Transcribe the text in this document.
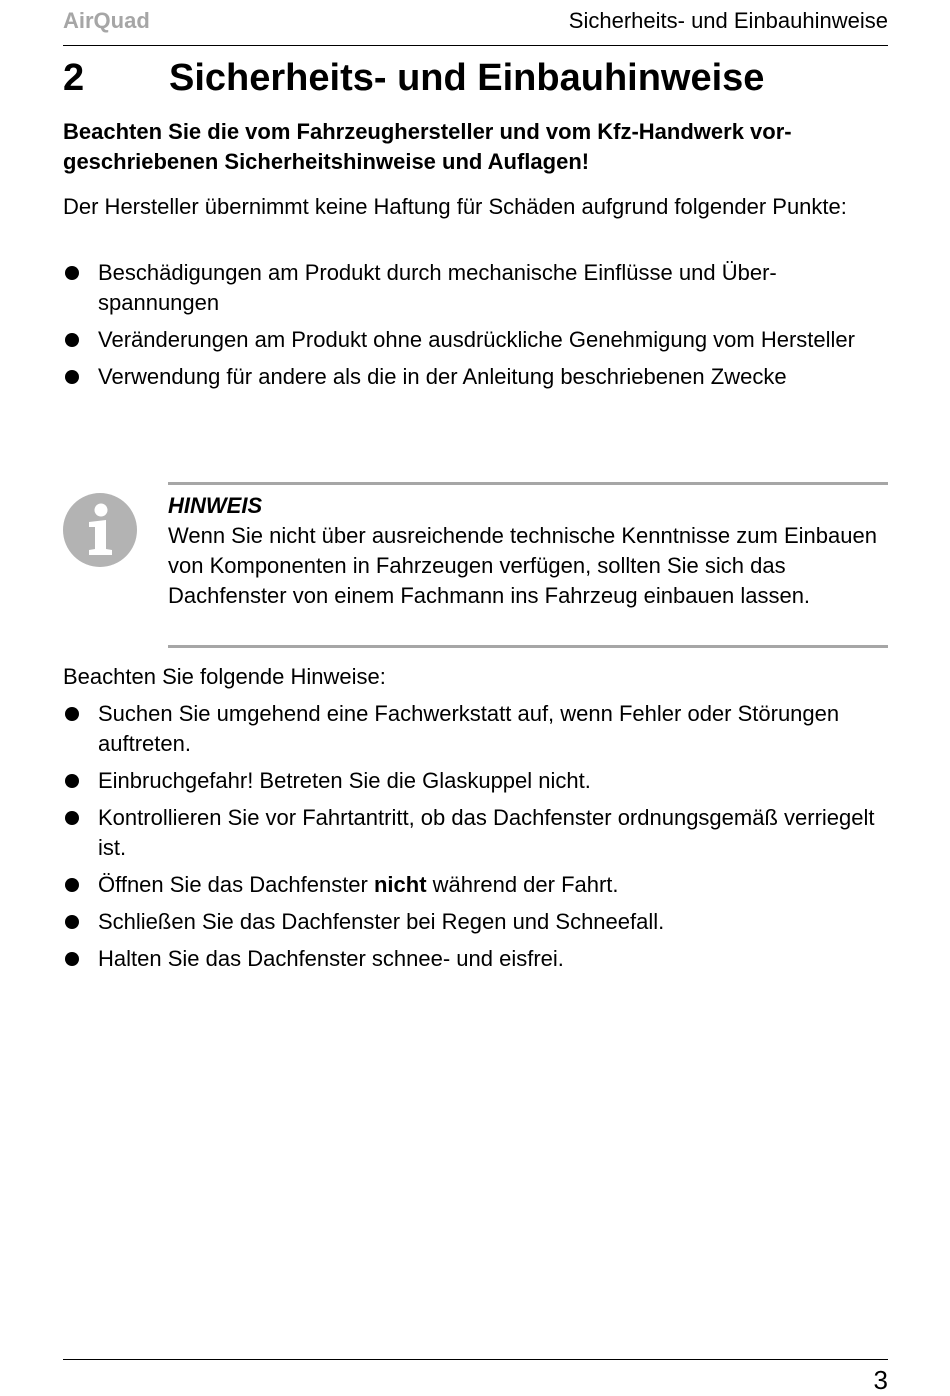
AirQuad	Sicherheits- und Einbauhinweise
2	Sicherheits- und Einbauhinweise
Beachten Sie die vom Fahrzeughersteller und vom Kfz-Handwerk vor-
geschriebenen Sicherheitshinweise und Auflagen!
Der Hersteller übernimmt keine Haftung für Schäden aufgrund folgender Punkte:
Beschädigungen am Produkt durch mechanische Einflüsse und Über- spannungen
Veränderungen am Produkt ohne ausdrückliche Genehmigung vom Hersteller
Verwendung für andere als die in der Anleitung beschriebenen Zwecke
HINWEIS
Wenn Sie nicht über ausreichende technische Kenntnisse zum Einbauen von Komponenten in Fahrzeugen verfügen, sollten Sie sich das Dachfenster von einem Fachmann ins Fahrzeug einbauen lassen.
Beachten Sie folgende Hinweise:
Suchen Sie umgehend eine Fachwerkstatt auf, wenn Fehler oder Störungen auftreten.
Einbruchgefahr! Betreten Sie die Glaskuppel nicht.
Kontrollieren Sie vor Fahrtantritt, ob das Dachfenster ordnungsgemäß verriegelt ist.
Öffnen Sie das Dachfenster nicht während der Fahrt.
Schließen Sie das Dachfenster bei Regen und Schneefall.
Halten Sie das Dachfenster schnee- und eisfrei.
3
